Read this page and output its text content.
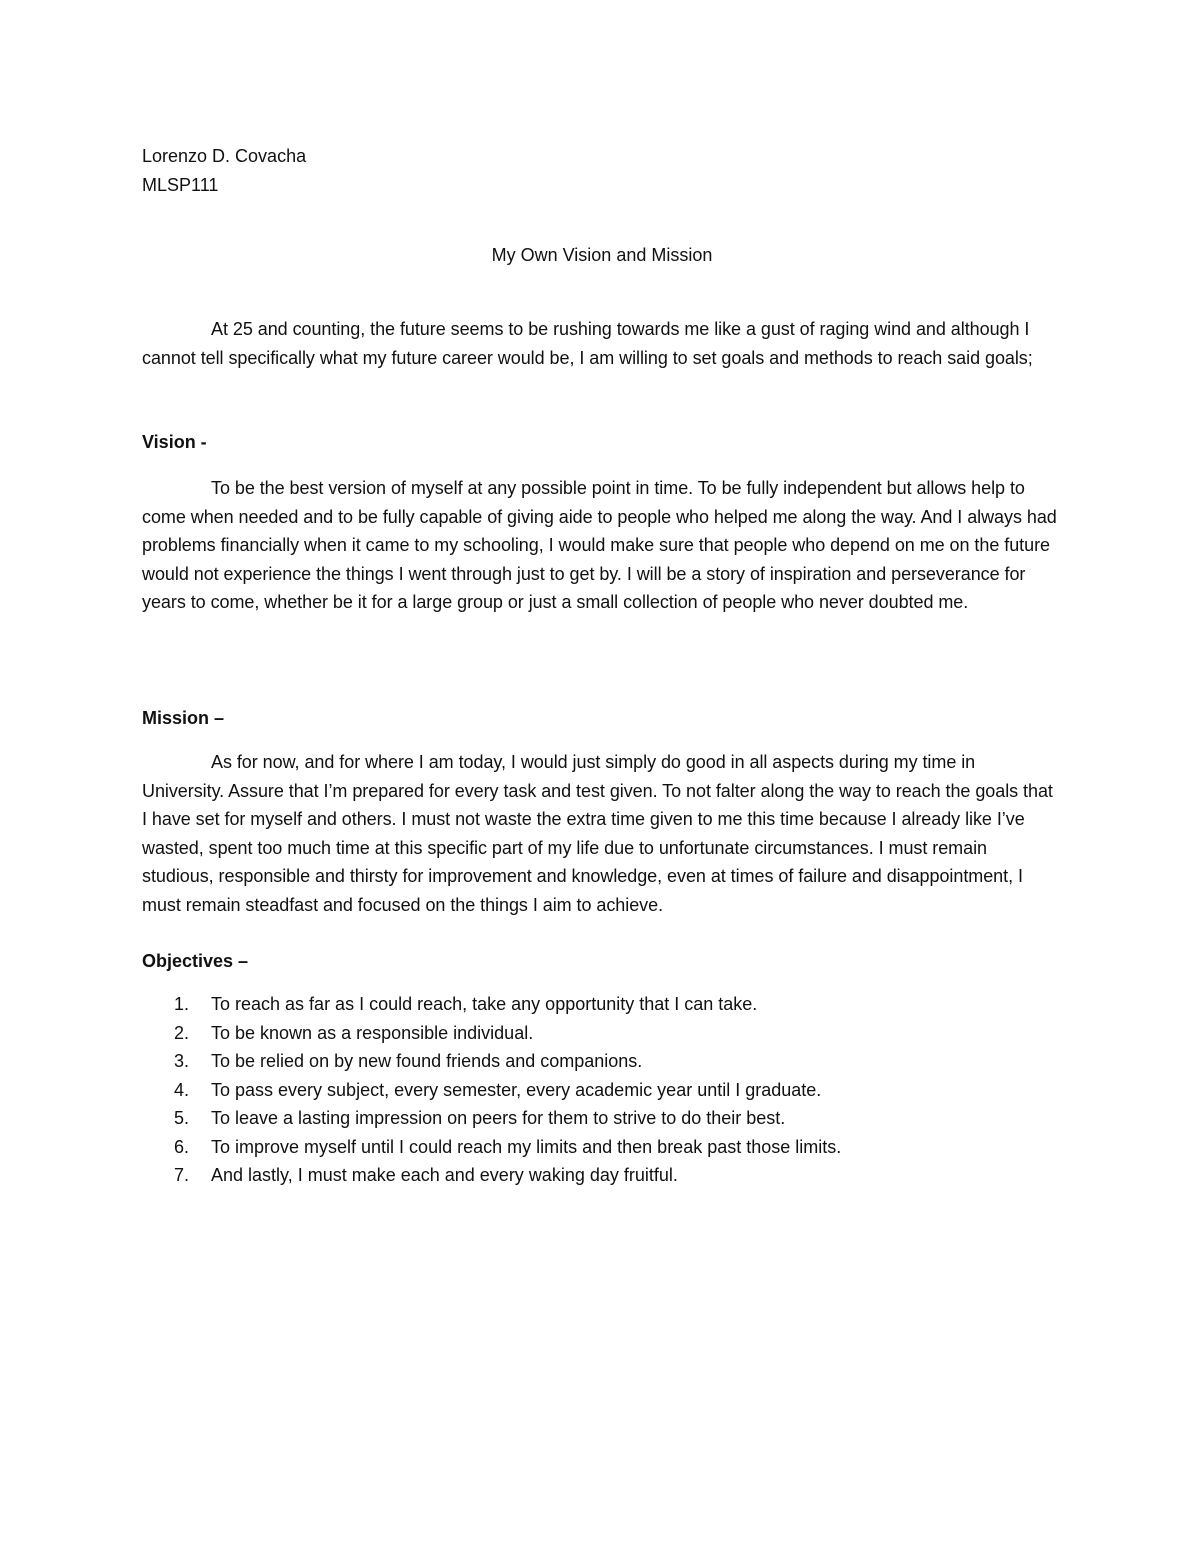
Lorenzo D. Covacha
MLSP111
My Own Vision and Mission

At 25 and counting, the future seems to be rushing towards me like a gust of raging wind and although I cannot tell specifically what my future career would be, I am willing to set goals and methods to reach said goals;

Vision -

To be the best version of myself at any possible point in time. To be fully independent but allows help to come when needed and to be fully capable of giving aide to people who helped me along the way. And I always had problems financially when it came to my schooling, I would make sure that people who depend on me on the future would not experience the things I went through just to get by. I will be a story of inspiration and perseverance for years to come, whether be it for a large group or just a small collection of people who never doubted me.

Mission –

As for now, and for where I am today, I would just simply do good in all aspects during my time in University. Assure that I’m prepared for every task and test given. To not falter along the way to reach the goals that I have set for myself and others. I must not waste the extra time given to me this time because I already like I’ve wasted, spent too much time at this specific part of my life due to unfortunate circumstances. I must remain studious, responsible and thirsty for improvement and knowledge, even at times of failure and disappointment, I must remain steadfast and focused on the things I aim to achieve.

Objectives –
1.	To reach as far as I could reach, take any opportunity that I can take.
2.	To be known as a responsible individual.
3.	To be relied on by new found friends and companions.
4.	To pass every subject, every semester, every academic year until I graduate.
5.	To leave a lasting impression on peers for them to strive to do their best.
6.	To improve myself until I could reach my limits and then break past those limits.
7.	And lastly, I must make each and every waking day fruitful.
